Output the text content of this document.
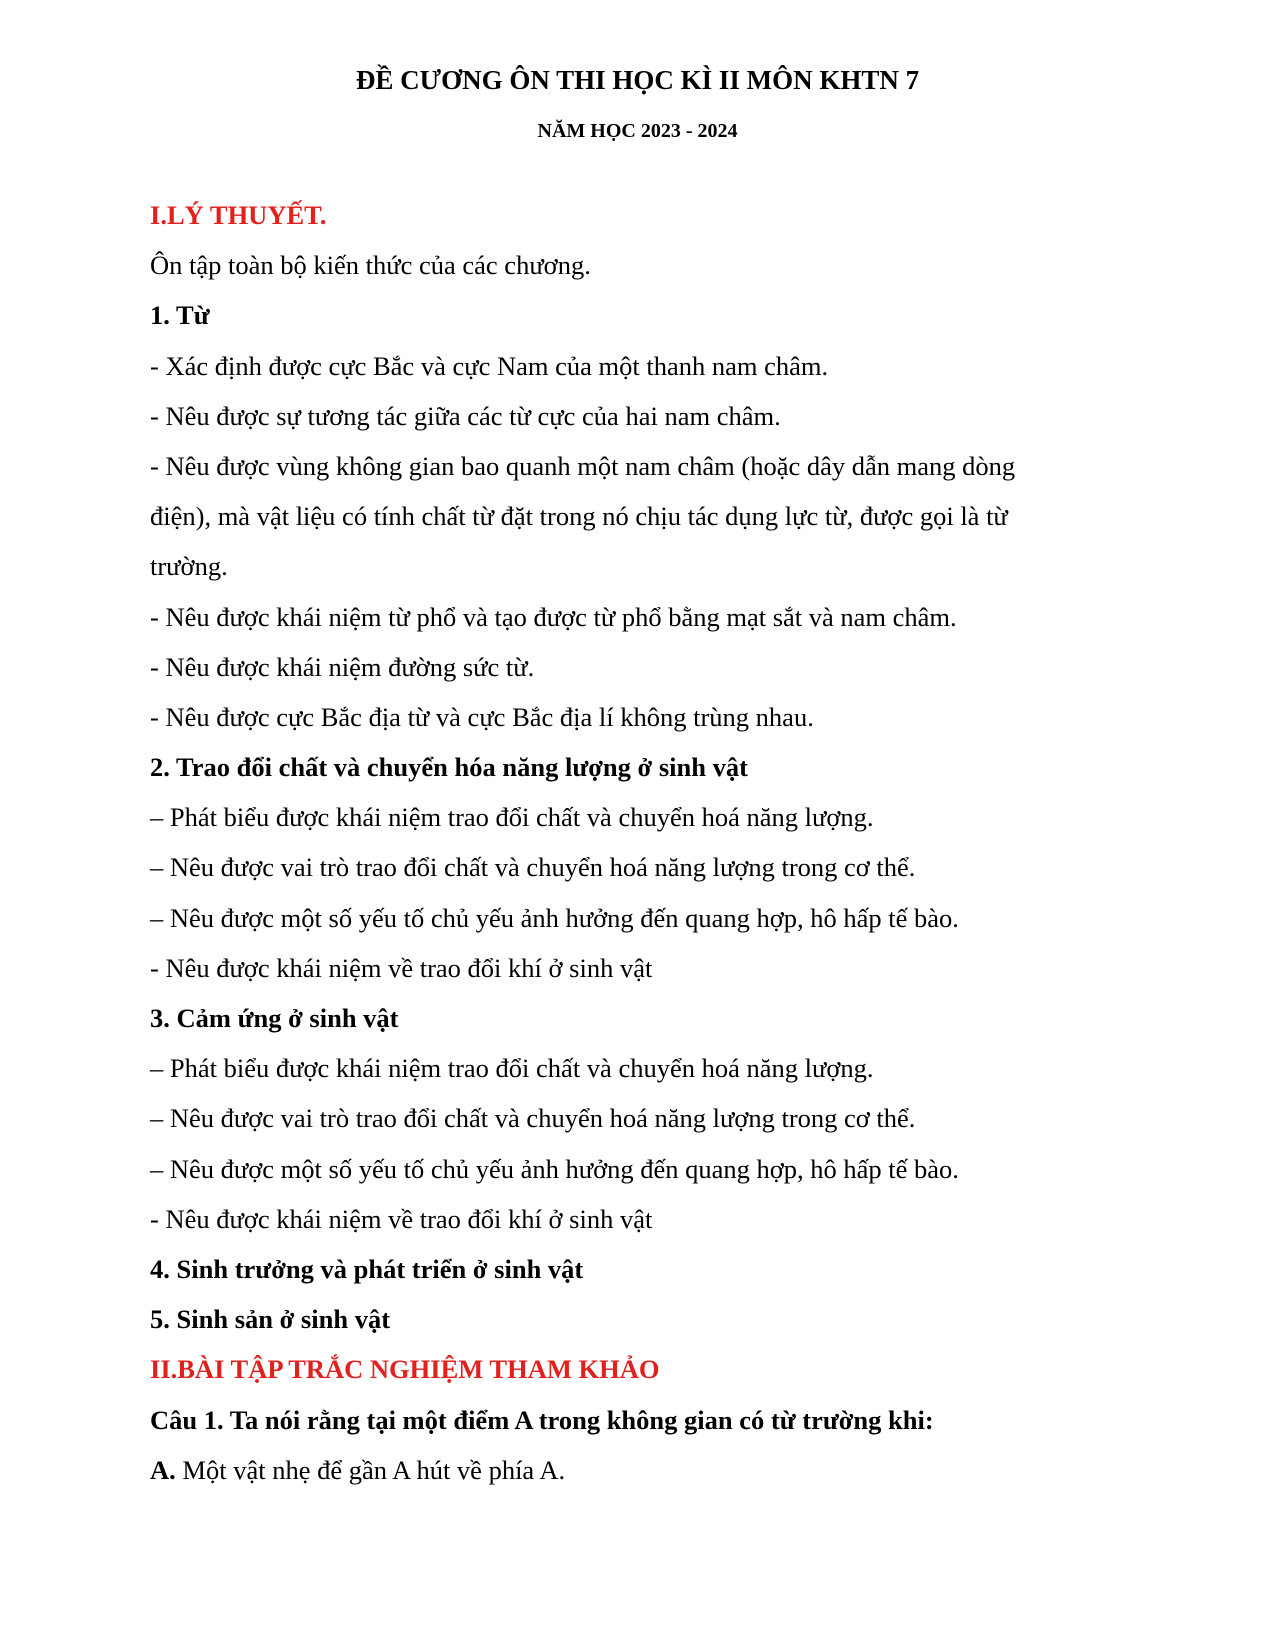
ĐỀ CƯƠNG ÔN THI HỌC KÌ II MÔN KHTN 7
NĂM HỌC 2023 - 2024
I.LÝ THUYẾT.
Ôn tập toàn bộ kiến thức của các chương.
1. Từ
- Xác định được cực Bắc và cực Nam của một thanh nam châm.
- Nêu được sự tương tác giữa các từ cực của hai nam châm.
- Nêu được vùng không gian bao quanh một nam châm (hoặc dây dẫn mang dòng
điện), mà vật liệu có tính chất từ đặt trong nó chịu tác dụng lực từ, được gọi là từ
trường.
- Nêu được khái niệm từ phổ và tạo được từ phổ bằng mạt sắt và nam châm.
- Nêu được khái niệm đường sức từ.
- Nêu được cực Bắc địa từ và cực Bắc địa lí không trùng nhau.
2. Trao đổi chất và chuyển hóa năng lượng ở sinh vật
– Phát biểu được khái niệm trao đổi chất và chuyển hoá năng lượng.
– Nêu được vai trò trao đổi chất và chuyển hoá năng lượng trong cơ thể.
– Nêu được một số yếu tố chủ yếu ảnh hưởng đến quang hợp, hô hấp tế bào.
- Nêu được khái niệm về trao đổi khí ở sinh vật
3. Cảm ứng ở sinh vật
– Phát biểu được khái niệm trao đổi chất và chuyển hoá năng lượng.
– Nêu được vai trò trao đổi chất và chuyển hoá năng lượng trong cơ thể.
– Nêu được một số yếu tố chủ yếu ảnh hưởng đến quang hợp, hô hấp tế bào.
- Nêu được khái niệm về trao đổi khí ở sinh vật
4. Sinh trưởng và phát triển ở sinh vật
5. Sinh sản ở sinh vật
II.BÀI TẬP TRẮC NGHIỆM THAM KHẢO
Câu 1. Ta nói rằng tại một điểm A trong không gian có từ trường khi:
A. Một vật nhẹ để gần A hút về phía A.
